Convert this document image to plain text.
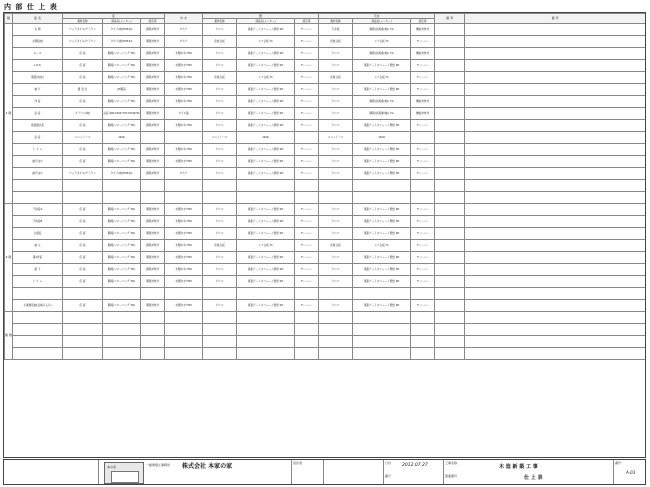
内 部 仕 上 表
階	室 名	床			巾 木	壁			天井			備 考	備 考
		素材名称	商品名(メーカー)	認定等		素材名称	商品名(メーカー)	認定等	素材名称	商品名(メーカー)	認定等		
1 階	玄 関	ウッドタイル/クラウン	タカラ(株)TCB-5C	保険対象外	タカラ	クロス	東亜ゲートボリューム壁紙 SH	F☆☆☆☆	天井板	静岡(北海道(株)) YG	機能対象外		
	玄関収納	ウッドタイル/クラウン	タカラ(株)TCB-5C	保険対象外	タカラ	化粧合板	シナ合板 T1	F☆☆☆☆	化粧合板	シナ合板 T1	F☆☆☆☆		
	ホール	床 板	静岡(フローリング TD)	保険対象外	木製巾木 H50	クロス	東亜ゲートボリューム壁紙 SH	F☆☆☆☆	クロス	静岡(北海道(株)) YG	機能対象外		
	L D K	床 板	静岡(フローリング TD)	保険対象外	木製巾木 H50	クロス	東亜ゲートボリューム壁紙 SH	F☆☆☆☆	クロス	東亜ゲートボリューム壁紙 SH	F☆☆☆☆		
	階段(吹抜)	床 板	静岡(フローリング TD)	保険対象外	木製巾木 H50	化粧合板	シナ合板 T1	F☆☆☆☆	化粧合板	シナ合板 T1	F☆☆☆☆		
	納 戸	畳 表 仕	JIS製品	保険対象外	木製巾木 H50	クロス	東亜ゲートボリューム壁紙 SH	F☆☆☆☆	クロス	東亜ゲートボリューム壁紙 SH	F☆☆☆☆		
	洋 室	床 板	静岡(フローリング TD)	保険対象外	木製巾木 H50	クロス	東亜ゲートボリューム壁紙 SH	F☆☆☆☆	クロス	静岡(北海道(株)) YG	機能対象外		
	浴 室	クラウン(株)	浴室 900×900 TXT-3154DTA	保険対象外	タイル貼	クロス	東亜ゲートボリューム壁紙 SH	F☆☆☆☆	クロス	静岡(北海道(株)) YG	機能対象外		
	洗面脱衣室	床 板	静岡(フローリング TD)	保険対象外	木製巾木 H50	クロス	東亜ゲートボリューム壁紙 SH	F☆☆☆☆	クロス	東亜ゲートボリューム壁紙 SH	F☆☆☆☆		
	浴 室	ユニットバス	1616			ユニットバス	1616		ユニットバス	1616			
	ト イ レ	床 板	静岡(フローリング TD)	保険対象外	木製巾木 H50	クロス	東亜ゲートボリューム壁紙 SH	F☆☆☆☆	クロス	東亜ゲートボリューム壁紙 SH	F☆☆☆☆		
	納戸ほか	床 板	静岡(フローリング TD)	保険対象外	木製巾木 H50	クロス	東亜ゲートボリューム壁紙 SH	F☆☆☆☆	クロス	東亜ゲートボリューム壁紙 SH	F☆☆☆☆		
	納戸ほか	ウッドタイル/クラウン	タカラ(株)TCB-5C	保険対象外	タカラ	クロス	東亜ゲートボリューム壁紙 SH	F☆☆☆☆	クロス	東亜ゲートボリューム壁紙 SH	F☆☆☆☆		

2 階	子供室A	床 板	静岡(フローリング TD)	保険対象外	木製巾木 H50	クロス	東亜ゲートボリューム壁紙 SH	F☆☆☆☆	クロス	東亜ゲートボリューム壁紙 SH	F☆☆☆☆		
	子供室B	床 板	静岡(フローリング TD)	保険対象外	木製巾木 H50	クロス	東亜ゲートボリューム壁紙 SH	F☆☆☆☆	クロス	東亜ゲートボリューム壁紙 SH	F☆☆☆☆		
	主寝室	床 板	静岡(フローリング TD)	保険対象外	木製巾木 H50	クロス	東亜ゲートボリューム壁紙 SH	F☆☆☆☆	クロス	東亜ゲートボリューム壁紙 SH	F☆☆☆☆		
	納 入	床 板	静岡(フローリング TD)	保険対象外	木製巾木 H50	化粧合板	シナ合板 T1	F☆☆☆☆	化粧合板	シナ合板 T1	F☆☆☆☆		
	第2洋室	床 板	静岡(フローリング TD)	保険対象外	木製巾木 H50	クロス	東亜ゲートボリューム壁紙 SH	F☆☆☆☆	クロス	東亜ゲートボリューム壁紙 SH	F☆☆☆☆		
	廊 下	床 板	静岡(フローリング TD)	保険対象外	木製巾木 H50	クロス	東亜ゲートボリューム壁紙 SH	F☆☆☆☆	クロス	東亜ゲートボリューム壁紙 SH	F☆☆☆☆		
	ト イ レ	床 板	静岡(フローリング TD)	保険対象外	木製巾木 H50	クロス	東亜ゲートボリューム壁紙 SH	F☆☆☆☆	クロス	東亜ゲートボリューム壁紙 SH	F☆☆☆☆		

	小屋裏収納(点検口入口)	床 板	静岡(フローリング TD)	保険対象外	木製巾木 H50	クロス	東亜ゲートボリューム壁紙 SH	F☆☆☆☆	クロス	東亜ゲートボリューム壁紙 SH	F☆☆☆☆		
屋 階													

本の家	一級建築士事務所 株式会社 本家の家	設計者	日付	2012.07.27
縮尺
工事名称
木 造 新 築 工 事
図面番号	仕 上 表
番号
A-03
